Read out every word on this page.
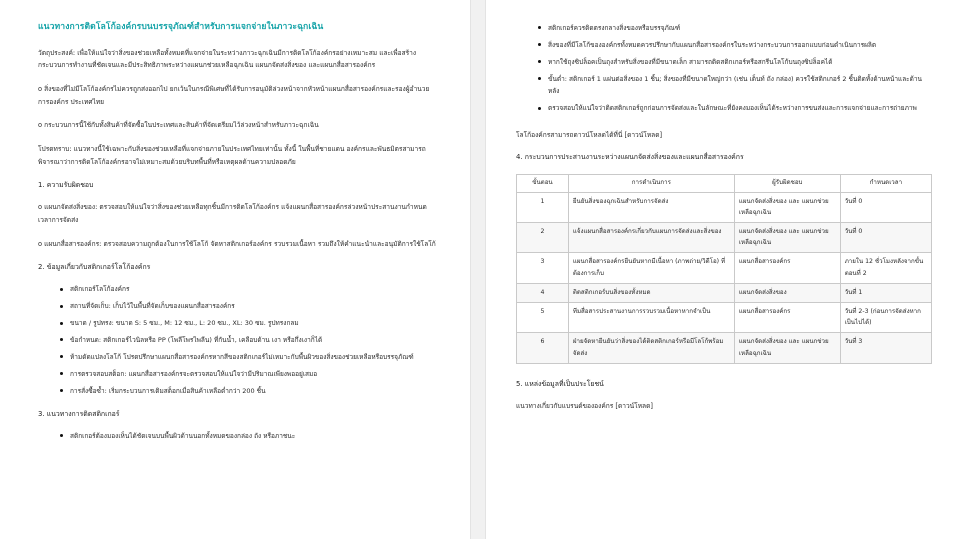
แนวทางการติดโลโก้องค์กรบนบรรจุภัณฑ์สำหรับการแจกจ่ายในภาวะฉุกเฉิน

วัตถุประสงค์: เพื่อให้แน่ใจว่าสิ่งของช่วยเหลือทั้งหมดที่แจกจ่ายในระหว่างภาวะฉุกเฉินมีการติดโลโก้องค์กรอย่างเหมาะสม และเพื่อสร้างกระบวนการทำงานที่ชัดเจนและมีประสิทธิภาพระหว่างแผนกช่วยเหลือฉุกเฉิน แผนกจัดส่งสิ่งของ และแผนกสื่อสารองค์กร

o สิ่งของที่ไม่มีโลโก้องค์กรไม่ควรถูกส่งออกไป ยกเว้นในกรณีพิเศษที่ได้รับการอนุมัติล่วงหน้าจากหัวหน้าแผนกสื่อสารองค์กรและรองผู้อำนวยการองค์กร ประเทศไทย

o กระบวนการนี้ใช้กับทั้งสินค้าที่จัดซื้อในประเทศและสินค้าที่จัดเตรียมไว้ล่วงหน้าสำหรับภาวะฉุกเฉิน

โปรดทราบ: แนวทางนี้ใช้เฉพาะกับสิ่งของช่วยเหลือที่แจกจ่ายภายในประเทศไทยเท่านั้น ทั้งนี้ ในพื้นที่ชายแดน องค์กรและพันธมิตรสามารถพิจารณาว่าการติดโลโก้องค์กรอาจไม่เหมาะสมด้วยบริบทพื้นที่หรือเหตุผลด้านความปลอดภัย

1. ความรับผิดชอบ

o แผนกจัดส่งสิ่งของ: ตรวจสอบให้แน่ใจว่าสิ่งของช่วยเหลือทุกชิ้นมีการติดโลโก้องค์กร แจ้งแผนกสื่อสารองค์กรล่วงหน้าประสานงานกำหนดเวลาการจัดส่ง

o แผนกสื่อสารองค์กร: ตรวจสอบความถูกต้องในการใช้โลโก้ จัดหาสติกเกอร์องค์กร รวบรวมเนื้อหา รวมถึงให้คำแนะนำและอนุมัติการใช้โลโก้

2. ข้อมูลเกี่ยวกับสติกเกอร์โลโก้องค์กร
สติกเกอร์โลโก้องค์กร
สถานที่จัดเก็บ: เก็บไว้ในพื้นที่จัดเก็บของแผนกสื่อสารองค์กร
ขนาด / รูปทรง: ขนาด S: 5 ซม., M: 12 ซม., L: 20 ซม., XL: 30 ซม. รูปทรงกลม
ข้อกำหนด: สติกเกอร์ไวนิลหรือ PP (โพลีโพรไพลีน) ที่กันน้ำ, เคลือบด้าน เงา หรือกึ่งเงาก็ได้
ห้ามดัดแปลงโลโก้ โปรดปรึกษาแผนกสื่อสารองค์กรหากสีของสติกเกอร์ไม่เหมาะกับพื้นผิวของสิ่งของช่วยเหลือหรือบรรจุภัณฑ์
การตรวจสอบสต็อก: แผนกสื่อสารองค์กรจะตรวจสอบให้แน่ใจว่ามีปริมาณเพียงพออยู่เสมอ
การสั่งซื้อซ้ำ: เริ่มกระบวนการเติมสต็อกเมื่อสินค้าเหลือต่ำกว่า 200 ชิ้น
3. แนวทางการติดสติกเกอร์
สติกเกอร์ต้องมองเห็นได้ชัดเจนบนพื้นผิวด้านนอกทั้งหมดของกล่อง ถัง หรือภาชนะ
สติกเกอร์ควรติดตรงกลางสิ่งของหรือบรรจุภัณฑ์
สิ่งของที่มีโลโก้ขององค์กรทั้งหมดควรปรึกษากับแผนกสื่อสารองค์กรในระหว่างกระบวนการออกแบบก่อนดำเนินการผลิต
หากใช้ถุงซิปล็อคเป็นถุงสำหรับสิ่งของที่มีขนาดเล็ก สามารถติดสติกเกอร์หรือสกรีนโลโก้บนถุงซิปล็อคได้
ขั้นต่ำ: สติกเกอร์ 1 แผ่นต่อสิ่งของ 1 ชิ้น; สิ่งของที่มีขนาดใหญ่กว่า (เช่น เต็นท์ ถัง กล่อง) ควรใช้สติกเกอร์ 2 ชิ้นติดทั้งด้านหน้าและด้านหลัง
ตรวจสอบให้แน่ใจว่าติดสติกเกอร์ถูกก่อนการจัดส่งและในลักษณะที่ยังคงมองเห็นได้ระหว่างการขนส่งและการแจกจ่ายและการถ่ายภาพ

โลโก้องค์กรสามารถดาวน์โหลดได้ที่นี่ [ดาวน์โหลด]

4. กระบวนการประสานงานระหว่างแผนกจัดส่งสิ่งของและแผนกสื่อสารองค์กร
ขั้นตอน	การดำเนินการ	ผู้รับผิดชอบ	กำหนดเวลา
1	ยืนยันสิ่งของฉุกเฉินสำหรับการจัดส่ง	แผนกจัดส่งสิ่งของ และ แผนกช่วยเหลือฉุกเฉิน	วันที่ 0
2	แจ้งแผนกสื่อสารองค์กรเกี่ยวกับแผนการจัดส่งและสิ่งของ	แผนกจัดส่งสิ่งของ และ แผนกช่วยเหลือฉุกเฉิน	วันที่ 0
3	แผนกสื่อสารองค์กรยืนยันหากมีเนื้อหา (ภาพถ่าย/วิดีโอ) ที่ต้องการเก็บ	แผนกสื่อสารองค์กร	ภายใน 12 ชั่วโมงหลังจากขั้นตอนที่ 2
4	ติดสติกเกอร์บนสิ่งของทั้งหมด	แผนกจัดส่งสิ่งของ	วันที่ 1
5	ทีมสื่อสารประสานงานการรวบรวมเนื้อหาหากจำเป็น	แผนกสื่อสารองค์กร	วันที่ 2-3 (ก่อนการจัดส่งหากเป็นไปได้)
6	ฝ่ายจัดหายืนยันว่าสิ่งของได้ติดสติกเกอร์หรือมีโลโก้พร้อมจัดส่ง	แผนกจัดส่งสิ่งของ และ แผนกช่วยเหลือฉุกเฉิน	วันที่ 3
5. แหล่งข้อมูลที่เป็นประโยชน์

แนวทางเกี่ยวกับแบรนด์ขององค์กร [ดาวน์โหลด]
